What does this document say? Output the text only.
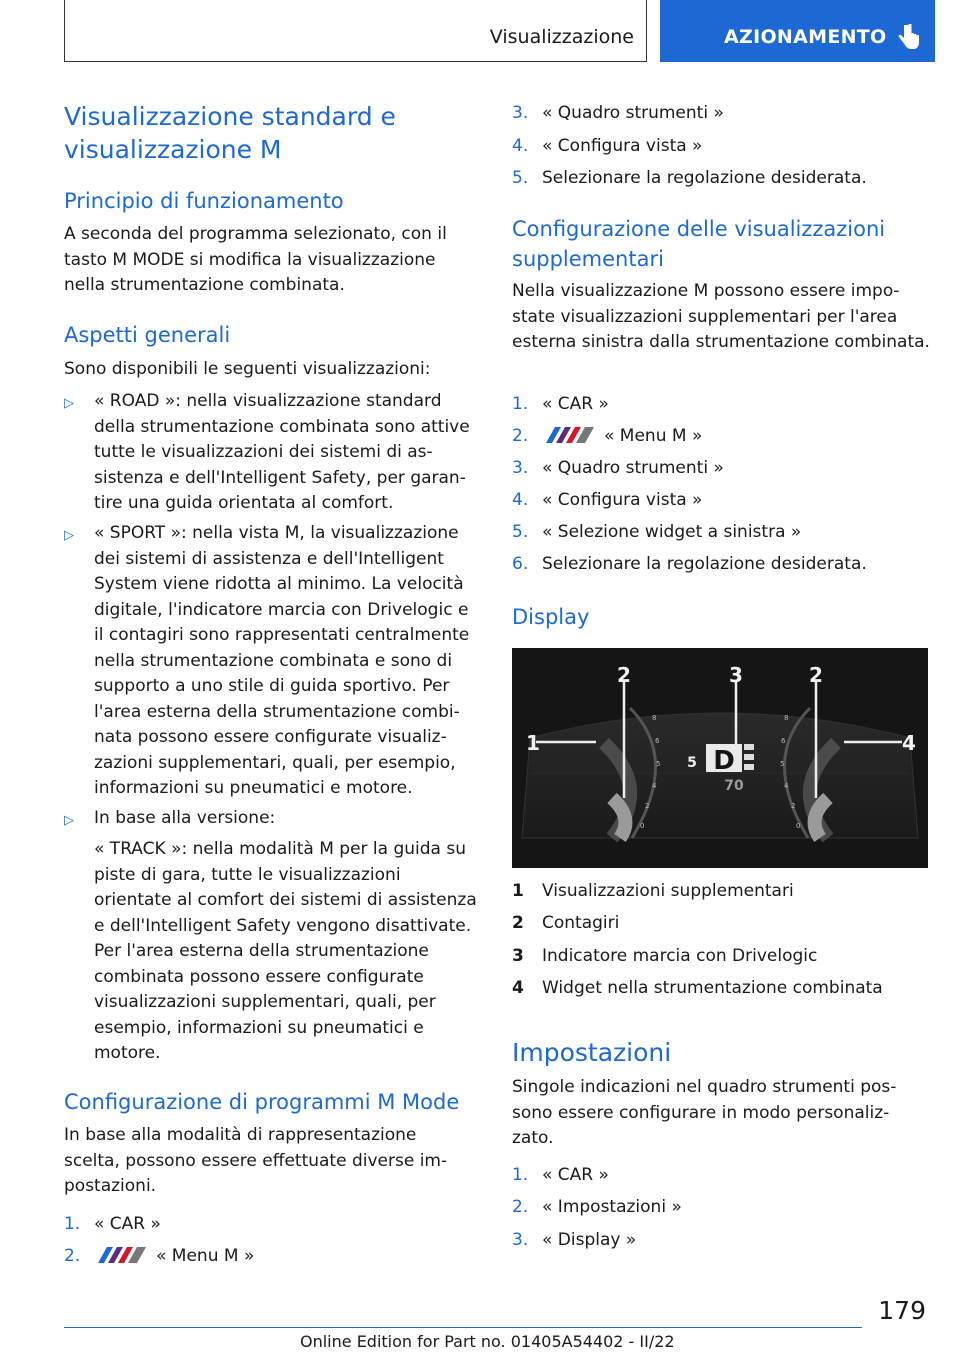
Visualizzazione	AZIONAMENTO
Visualizzazione standard e visualizzazione M
Principio di funzionamento

A seconda del programma selezionato, con il tasto M MODE si modifica la visualizzazione nella strumentazione combinata.

Aspetti generali

Sono disponibili le seguenti visualizzazioni:

▷	« ROAD »: nella visualizzazione standard della strumentazione combinata sono attive tutte le visualizzazioni dei sistemi di assistenza e dell'Intelligent Safety, per garantire una guida orientata al comfort.
▷	« SPORT »: nella vista M, la visualizzazione dei sistemi di assistenza e dell'Intelligent System viene ridotta al minimo. La velocità digitale, l'indicatore marcia con Drivelogic e il contagiri sono rappresentati centralmente nella strumentazione combinata e sono di supporto a uno stile di guida sportivo. Per l'area esterna della strumentazione combinata possono essere configurate visualizzazioni supplementari, quali, per esempio, informazioni su pneumatici e motore.
▷	In base alla versione:

« TRACK »: nella modalità M per la guida su piste di gara, tutte le visualizzazioni orientate al comfort dei sistemi di assistenza e dell'Intelligent Safety vengono disattivate. Per l'area esterna della strumentazione combinata possono essere configurate visualizzazioni supplementari, quali, per esempio, informazioni su pneumatici e motore.

Configurazione di programmi M Mode

In base alla modalità di rappresentazione scelta, possono essere effettuate diverse impostazioni.

1. « CAR »
2.	« Menu M »
3. « Quadro strumenti »
4. « Configura vista »
5. Selezionare la regolazione desiderata.
Configurazione delle visualizzazioni supplementari

Nella visualizzazione M possono essere impostate visualizzazioni supplementari per l'area esterna sinistra dalla strumentazione combinata.

1. « CAR »
2.	« Menu M »
3. « Quadro strumenti »
4. « Configura vista »
5. « Selezione widget a sinistra »
6. Selezionare la regolazione desiderata.
Display
1	Visualizzazioni supplementari
2	Contagiri
3	Indicatore marcia con Drivelogic
4	Widget nella strumentazione combinata
Impostazioni

Singole indicazioni nel quadro strumenti possono essere configurare in modo personalizzato.

1. « CAR »
2. « Impostazioni »
3. « Display »
8
6
5
4
2
0
8
6
5
4
2
0
D
5
70
1
2	3	2
4
179
Online Edition for Part no. 01405A54402 - II/22
